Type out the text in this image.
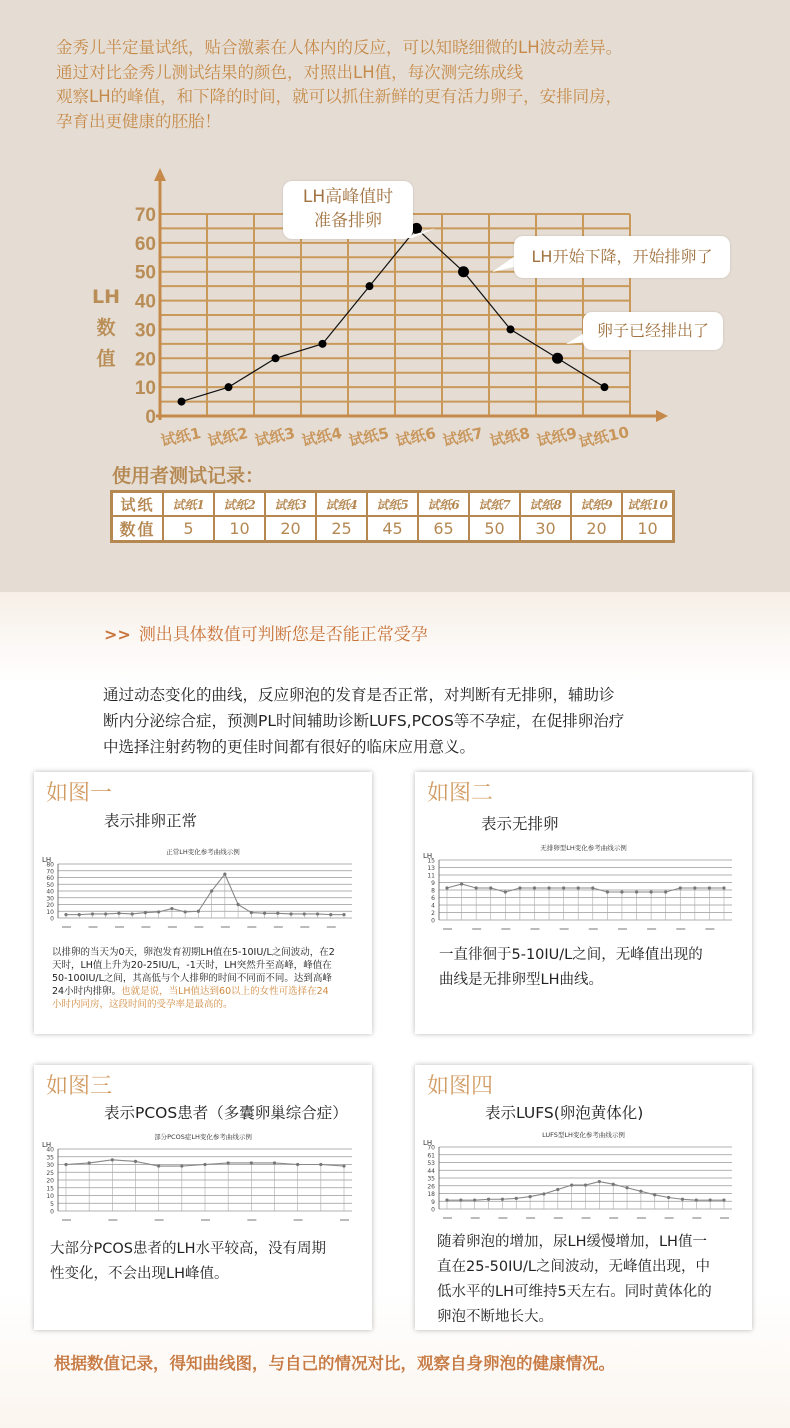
金秀儿半定量试纸，贴合激素在人体内的反应，可以知晓细微的LH波动差异。
通过对比金秀儿测试结果的颜色，对照出LH值，每次测完练成线
观察LH的峰值，和下降的时间，就可以抓住新鲜的更有活力卵子，安排同房，
孕育出更健康的胚胎！
LH
数
值
0
10
20
30
40
50
60
70
试纸1 试纸2 试纸3 试纸4 试纸5 试纸6 试纸7 试纸8 试纸9
试纸10
LH高峰值时
准备排卵
LH开始下降，开始排卵了
卵子已经排出了
使用者测试记录：
试纸	试纸1	试纸2	试纸3	试纸4	试纸5	试纸6	试纸7	试纸8	试纸9	试纸10
数值	5	10	20	25	45	65	50	30	20	10
>> 测出具体数值可判断您是否能正常受孕
通过动态变化的曲线，反应卵泡的发育是否正常，对判断有无排卵，辅助诊
断内分泌综合症，预测PL时间辅助诊断LUFS,PCOS等不孕症，在促排卵治疗
中选择注射药物的更佳时间都有很好的临床应用意义。
如图一
表示排卵正常
正常LH变化参考曲线示例
LH
80
70
60
50
40
30
20
10
0
以排卵的当天为0天，卵泡发育初期LH值在5-10IU/L之间波动，在2
天时，LH值上升为20-25IU/L，-1天时，LH突然升至高峰，峰值在
50-100IU/L之间，其高低与个人排卵的时间不同而不同。达到高峰
24小时内排卵。也就是说，当LH值达到60以上的女性可选择在24
小时内同房，这段时间的受孕率是最高的。
如图二
表示无排卵
无排卵型LH变化参考曲线示例
LH
15
13
11
9
8
6
4
2
0
一直徘徊于5-10IU/L之间，无峰值出现的
曲线是无排卵型LH曲线。
如图三
表示PCOS患者（多囊卵巢综合症）
部分PCOS症LH变化参考曲线示例
LH
40
35
30
25
20
15
10
5
0
大部分PCOS患者的LH水平较高，没有周期
性变化，不会出现LH峰值。
如图四
表示LUFS(卵泡黄体化)
LUFS型LH变化参考曲线示例
LH
70
61
53
44
35
26
18
9
0
随着卵泡的增加，尿LH缓慢增加，LH值一
直在25-50IU/L之间波动，无峰值出现，中
低水平的LH可维持5天左右。同时黄体化的
卵泡不断地长大。
根据数值记录，得知曲线图，与自己的情况对比，观察自身卵泡的健康情况。
